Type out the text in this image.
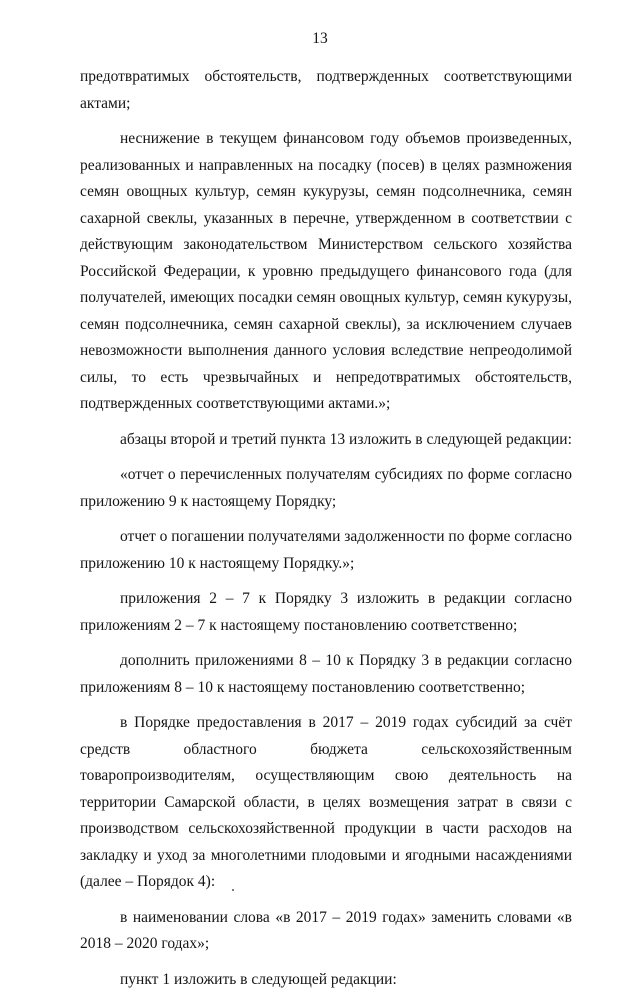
13

предотвратимых обстоятельств, подтвержденных соответствующими актами;

неснижение в текущем финансовом году объемов произведенных, реализованных и направленных на посадку (посев) в целях размножения семян овощных культур, семян кукурузы, семян подсолнечника, семян сахарной свеклы, указанных в перечне, утвержденном в соответствии с действующим законодательством Министерством сельского хозяйства Российской Федерации, к уровню предыдущего финансового года (для получателей, имеющих посадки семян овощных культур, семян кукурузы, семян подсолнечника, семян сахарной свеклы), за исключением случаев невозможности выполнения данного условия вследствие непреодолимой силы, то есть чрезвычайных и непредотвратимых обстоятельств, подтвержденных соответствующими актами.»;

абзацы второй и третий пункта 13 изложить в следующей редакции:

«отчет о перечисленных получателям субсидиях по форме согласно приложению 9 к настоящему Порядку;

отчет о погашении получателями задолженности по форме согласно приложению 10 к настоящему Порядку.»;

приложения 2 – 7 к Порядку 3 изложить в редакции согласно приложениям 2 – 7 к настоящему постановлению соответственно;

дополнить приложениями 8 – 10 к Порядку 3 в редакции согласно приложениям 8 – 10 к настоящему постановлению соответственно;

в Порядке предоставления в 2017 – 2019 годах субсидий за счёт средств областного бюджета сельскохозяйственным товаропроизводителям, осуществляющим свою деятельность на территории Самарской области, в целях возмещения затрат в связи с производством сельскохозяйственной продукции в части расходов на закладку и уход за многолетними плодовыми и ягодными насаждениями (далее – Порядок 4):

в наименовании слова «в 2017 – 2019 годах» заменить словами «в 2018 – 2020 годах»;

пункт 1 изложить в следующей редакции:
